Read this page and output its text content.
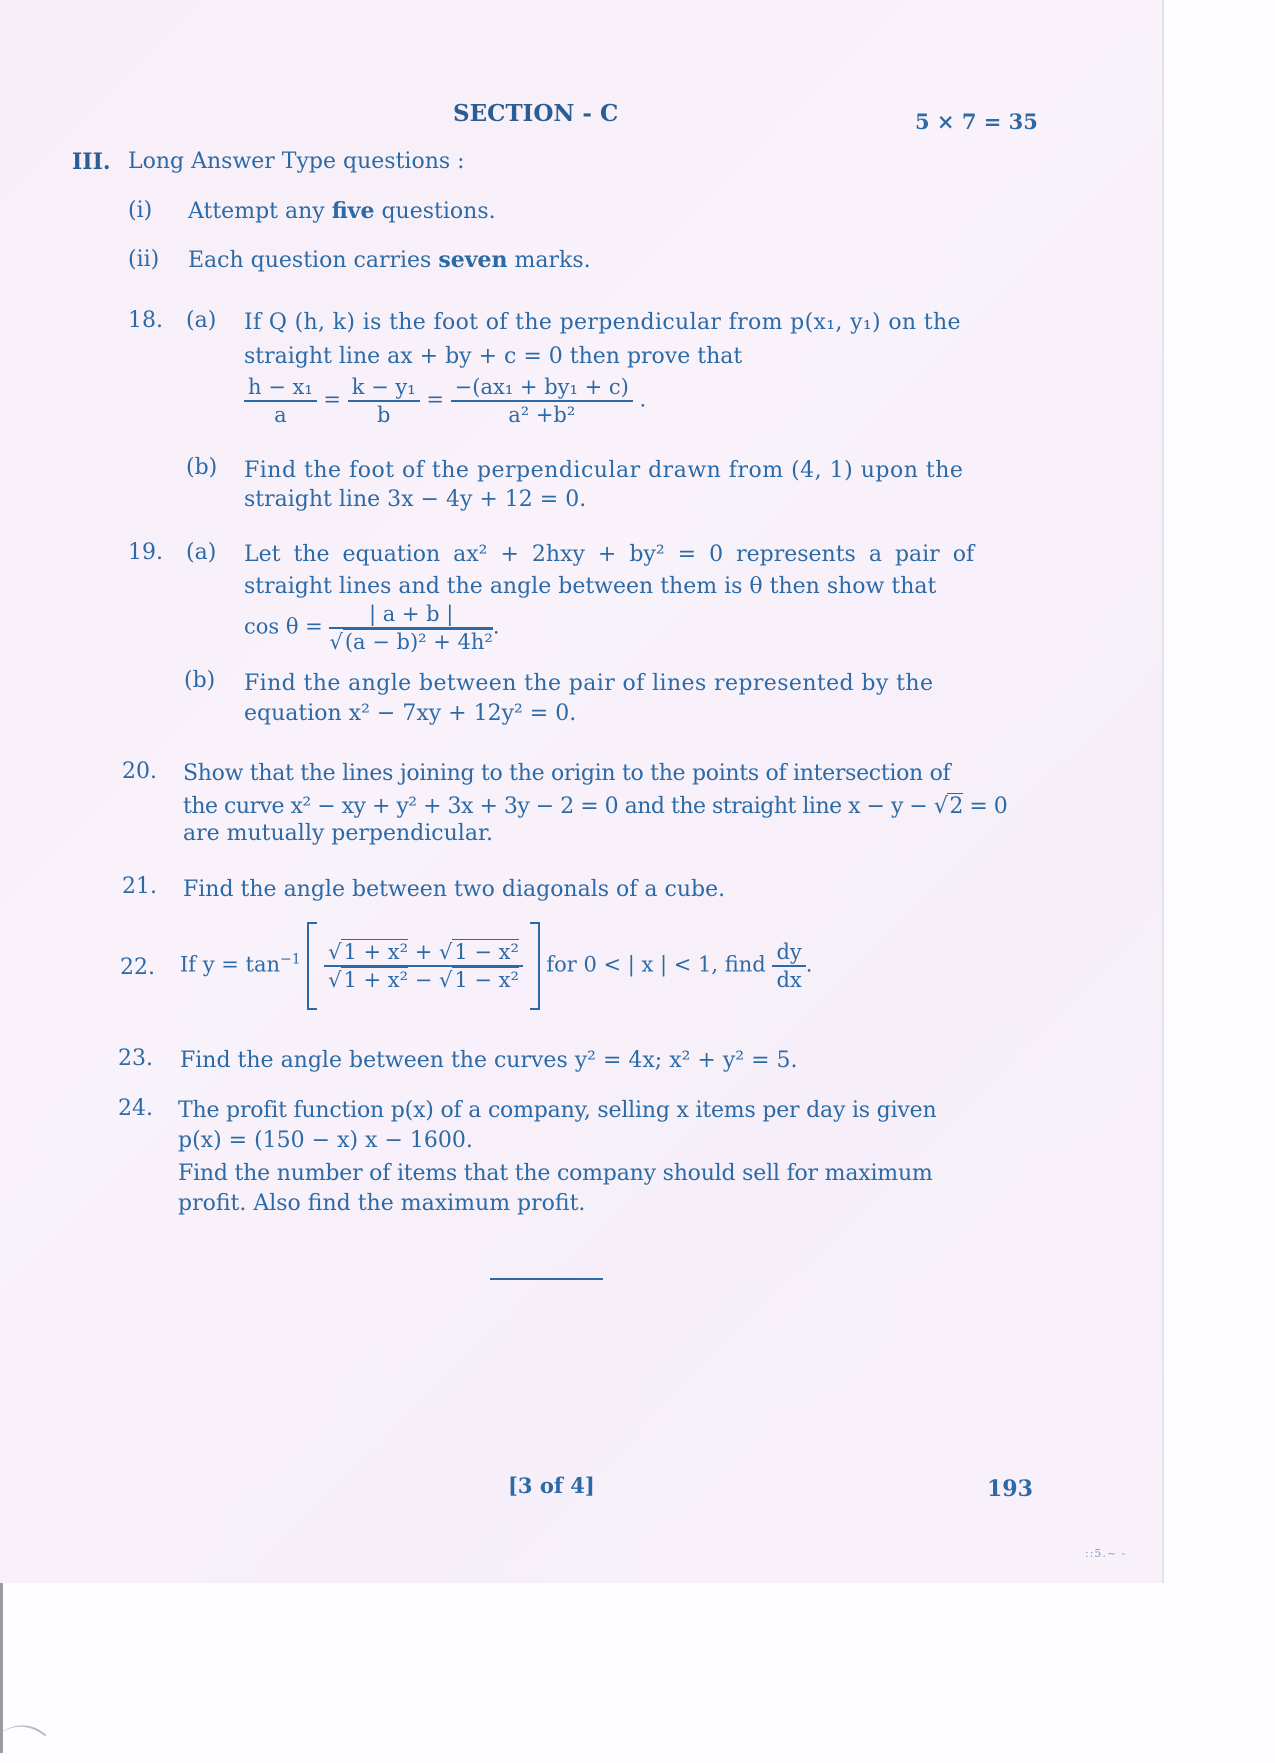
SECTION - C	5 × 7 = 35
III. Long Answer Type questions :
(i) Attempt any five questions.
(ii) Each question carries seven marks.
18. (a) If Q (h, k) is the foot of the perpendicular from p(x₁, y₁) on the
straight line ax + by + c = 0 then prove that
$\frac{\text{h − x₁}}{a} = \frac{\text{k − y₁}}{b} = \frac{\text{−(ax₁ + by₁ + c)}}{\text{a² +b²}}$ .
(b) Find the foot of the perpendicular drawn from (4, 1) upon the
straight line 3x − 4y + 12 = 0.
19. (a) Let the equation ax² + 2hxy + by² = 0 represents a pair of
straight lines and the angle between them is θ then show that
$\cos \theta = \frac{| a + b |}{\text{√(a − b)² + 4h²}}$ .
(b) Find the angle between the pair of lines represented by the
equation x² − 7xy + 12y² = 0.
20. Show that the lines joining to the origin to the points of intersection of
the curve x² − xy + y² + 3x + 3y − 2 = 0 and the straight line x − y − √2 = 0
are mutually perpendicular.
21. Find the angle between two diagonals of a cube.
22. If $y = \tan^{-1} \frac{\text{√1 + x² + √1 − x²}}{\text{√1 + x² − √1 − x²}}$ for 0 < | x | < 1, find $\frac{dy}{dx}$ .
23. Find the angle between the curves y² = 4x; x² + y² = 5.
24. The profit function p(x) of a company, selling x items per day is given
p(x) = (150 − x) x − 1600.
Find the number of items that the company should sell for maximum
profit. Also find the maximum profit.
[3 of 4]	193
::5.~ -
